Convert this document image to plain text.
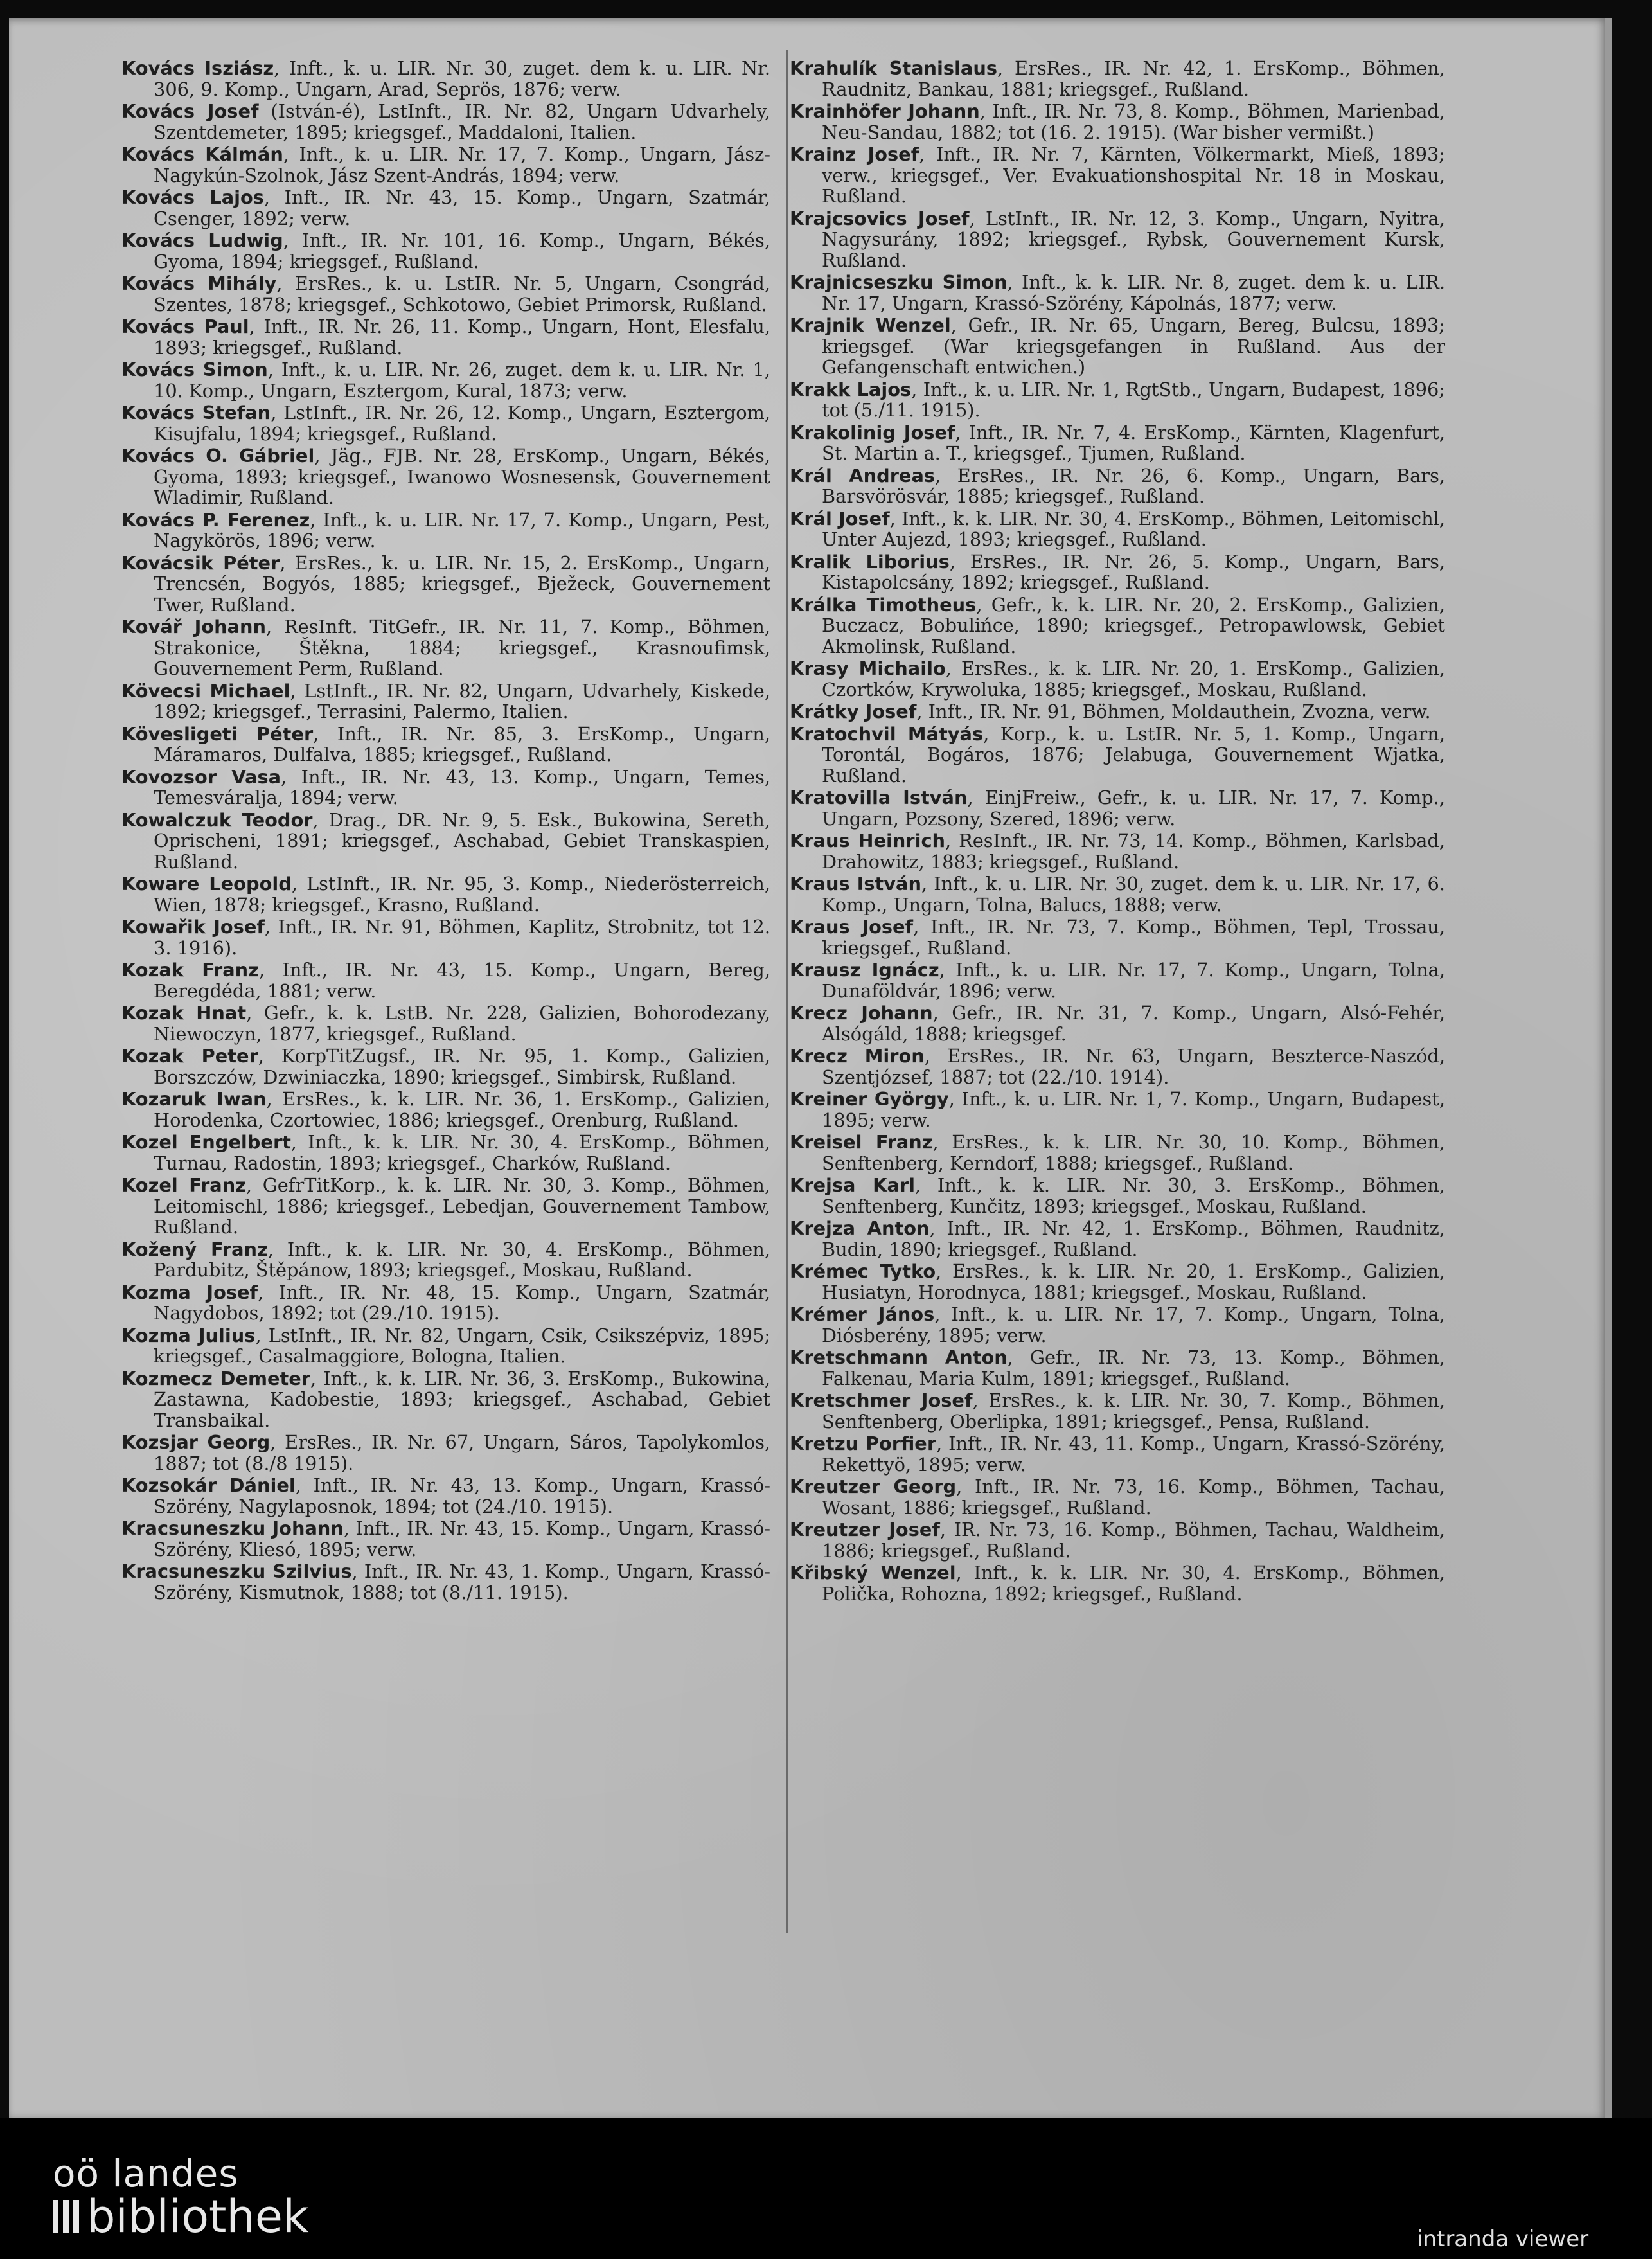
Kovács Isziász, Inft., k. u. LIR. Nr. 30, zuget. dem k. u. LIR. Nr. 306, 9. Komp., Ungarn, Arad, Seprös, 1876; verw.
Kovács Josef (István-é), LstInft., IR. Nr. 82, Ungarn Udvarhely, Szentdemeter, 1895; kriegsgef., Maddaloni, Italien.
Kovács Kálmán, Inft., k. u. LIR. Nr. 17, 7. Komp., Ungarn, Jász-Nagykún-Szolnok, Jász Szent-András, 1894; verw.
Kovács Lajos, Inft., IR. Nr. 43, 15. Komp., Ungarn, Szatmár, Csenger, 1892; verw.
Kovács Ludwig, Inft., IR. Nr. 101, 16. Komp., Ungarn, Békés, Gyoma, 1894; kriegsgef., Rußland.
Kovács Mihály, ErsRes., k. u. LstIR. Nr. 5, Ungarn, Csongrád, Szentes, 1878; kriegsgef., Schkotowo, Gebiet Primorsk, Rußland.
Kovács Paul, Inft., IR. Nr. 26, 11. Komp., Ungarn, Hont, Elesfalu, 1893; kriegsgef., Rußland.
Kovács Simon, Inft., k. u. LIR. Nr. 26, zuget. dem k. u. LIR. Nr. 1, 10. Komp., Ungarn, Esztergom, Kural, 1873; verw.
Kovács Stefan, LstInft., IR. Nr. 26, 12. Komp., Ungarn, Esztergom, Kisujfalu, 1894; kriegsgef., Rußland.
Kovács O. Gábriel, Jäg., FJB. Nr. 28, ErsKomp., Ungarn, Békés, Gyoma, 1893; kriegsgef., Iwanowo Wosnesensk, Gouvernement Wladimir, Rußland.
Kovács P. Ferenez, Inft., k. u. LIR. Nr. 17, 7. Komp., Ungarn, Pest, Nagykörös, 1896; verw.
Kovácsik Péter, ErsRes., k. u. LIR. Nr. 15, 2. ErsKomp., Ungarn, Trencsén, Bogyós, 1885; kriegsgef., Bježeck, Gouvernement Twer, Rußland.
Kovář Johann, ResInft. TitGefr., IR. Nr. 11, 7. Komp., Böhmen, Strakonice, Štěkna, 1884; kriegsgef., Krasnoufimsk, Gouvernement Perm, Rußland.
Kövecsi Michael, LstInft., IR. Nr. 82, Ungarn, Udvarhely, Kiskede, 1892; kriegsgef., Terrasini, Palermo, Italien.
Kövesligeti Péter, Inft., IR. Nr. 85, 3. ErsKomp., Ungarn, Máramaros, Dulfalva, 1885; kriegsgef., Rußland.
Kovozsor Vasa, Inft., IR. Nr. 43, 13. Komp., Ungarn, Temes, Temesváralja, 1894; verw.
Kowalczuk Teodor, Drag., DR. Nr. 9, 5. Esk., Bukowina, Sereth, Oprischeni, 1891; kriegsgef., Aschabad, Gebiet Transkaspien, Rußland.
Koware Leopold, LstInft., IR. Nr. 95, 3. Komp., Niederösterreich, Wien, 1878; kriegsgef., Krasno, Rußland.
Kowařik Josef, Inft., IR. Nr. 91, Böhmen, Kaplitz, Strobnitz, tot 12. 3. 1916).
Kozak Franz, Inft., IR. Nr. 43, 15. Komp., Ungarn, Bereg, Beregdéda, 1881; verw.
Kozak Hnat, Gefr., k. k. LstB. Nr. 228, Galizien, Bohorodezany, Niewoczyn, 1877, kriegsgef., Rußland.
Kozak Peter, KorpTitZugsf., IR. Nr. 95, 1. Komp., Galizien, Borszczów, Dzwiniaczka, 1890; kriegsgef., Simbirsk, Rußland.
Kozaruk Iwan, ErsRes., k. k. LIR. Nr. 36, 1. ErsKomp., Galizien, Horodenka, Czortowiec, 1886; kriegsgef., Orenburg, Rußland.
Kozel Engelbert, Inft., k. k. LIR. Nr. 30, 4. ErsKomp., Böhmen, Turnau, Radostin, 1893; kriegsgef., Charków, Rußland.
Kozel Franz, GefrTitKorp., k. k. LIR. Nr. 30, 3. Komp., Böhmen, Leitomischl, 1886; kriegsgef., Lebedjan, Gouvernement Tambow, Rußland.
Kožený Franz, Inft., k. k. LIR. Nr. 30, 4. ErsKomp., Böhmen, Pardubitz, Štěpánow, 1893; kriegsgef., Moskau, Rußland.
Kozma Josef, Inft., IR. Nr. 48, 15. Komp., Ungarn, Szatmár, Nagydobos, 1892; tot (29./10. 1915).
Kozma Julius, LstInft., IR. Nr. 82, Ungarn, Csik, Csikszépviz, 1895; kriegsgef., Casalmaggiore, Bologna, Italien.
Kozmecz Demeter, Inft., k. k. LIR. Nr. 36, 3. ErsKomp., Bukowina, Zastawna, Kadobestie, 1893; kriegsgef., Aschabad, Gebiet Transbaikal.
Kozsjar Georg, ErsRes., IR. Nr. 67, Ungarn, Sáros, Tapolykomlos, 1887; tot (8./8 1915).
Kozsokár Dániel, Inft., IR. Nr. 43, 13. Komp., Ungarn, Krassó-Szörény, Nagylaposnok, 1894; tot (24./10. 1915).
Kracsuneszku Johann, Inft., IR. Nr. 43, 15. Komp., Ungarn, Krassó-Szörény, Kliesó, 1895; verw.
Kracsuneszku Szilvius, Inft., IR. Nr. 43, 1. Komp., Ungarn, Krassó-Szörény, Kismutnok, 1888; tot (8./11. 1915).
Krahulík Stanislaus, ErsRes., IR. Nr. 42, 1. ErsKomp., Böhmen, Raudnitz, Bankau, 1881; kriegsgef., Rußland.
Krainhöfer Johann, Inft., IR. Nr. 73, 8. Komp., Böhmen, Marienbad, Neu-Sandau, 1882; tot (16. 2. 1915). (War bisher vermißt.)
Krainz Josef, Inft., IR. Nr. 7, Kärnten, Völkermarkt, Mieß, 1893; verw., kriegsgef., Ver. Evakuationshospital Nr. 18 in Moskau, Rußland.
Krajcsovics Josef, LstInft., IR. Nr. 12, 3. Komp., Ungarn, Nyitra, Nagysurány, 1892; kriegsgef., Rybsk, Gouvernement Kursk, Rußland.
Krajnicseszku Simon, Inft., k. k. LIR. Nr. 8, zuget. dem k. u. LIR. Nr. 17, Ungarn, Krassó-Szörény, Kápolnás, 1877; verw.
Krajnik Wenzel, Gefr., IR. Nr. 65, Ungarn, Bereg, Bulcsu, 1893; kriegsgef. (War kriegsgefangen in Rußland. Aus der Gefangenschaft entwichen.)
Krakk Lajos, Inft., k. u. LIR. Nr. 1, RgtStb., Ungarn, Budapest, 1896; tot (5./11. 1915).
Krakolinig Josef, Inft., IR. Nr. 7, 4. ErsKomp., Kärnten, Klagenfurt, St. Martin a. T., kriegsgef., Tjumen, Rußland.
Král Andreas, ErsRes., IR. Nr. 26, 6. Komp., Ungarn, Bars, Barsvörösvár, 1885; kriegsgef., Rußland.
Král Josef, Inft., k. k. LIR. Nr. 30, 4. ErsKomp., Böhmen, Leitomischl, Unter Aujezd, 1893; kriegsgef., Rußland.
Kralik Liborius, ErsRes., IR. Nr. 26, 5. Komp., Ungarn, Bars, Kistapolcsány, 1892; kriegsgef., Rußland.
Králka Timotheus, Gefr., k. k. LIR. Nr. 20, 2. ErsKomp., Galizien, Buczacz, Bobulińce, 1890; kriegsgef., Petropawlowsk, Gebiet Akmolinsk, Rußland.
Krasy Michailo, ErsRes., k. k. LIR. Nr. 20, 1. ErsKomp., Galizien, Czortków, Krywoluka, 1885; kriegsgef., Moskau, Rußland.
Krátky Josef, Inft., IR. Nr. 91, Böhmen, Moldauthein, Zvozna, verw.
Kratochvil Mátyás, Korp., k. u. LstIR. Nr. 5, 1. Komp., Ungarn, Torontál, Bogáros, 1876; Jelabuga, Gouvernement Wjatka, Rußland.
Kratovilla István, EinjFreiw., Gefr., k. u. LIR. Nr. 17, 7. Komp., Ungarn, Pozsony, Szered, 1896; verw.
Kraus Heinrich, ResInft., IR. Nr. 73, 14. Komp., Böhmen, Karlsbad, Drahowitz, 1883; kriegsgef., Rußland.
Kraus István, Inft., k. u. LIR. Nr. 30, zuget. dem k. u. LIR. Nr. 17, 6. Komp., Ungarn, Tolna, Balucs, 1888; verw.
Kraus Josef, Inft., IR. Nr. 73, 7. Komp., Böhmen, Tepl, Trossau, kriegsgef., Rußland.
Krausz Ignácz, Inft., k. u. LIR. Nr. 17, 7. Komp., Ungarn, Tolna, Dunaföldvár, 1896; verw.
Krecz Johann, Gefr., IR. Nr. 31, 7. Komp., Ungarn, Alsó-Fehér, Alsógáld, 1888; kriegsgef.
Krecz Miron, ErsRes., IR. Nr. 63, Ungarn, Beszterce-Naszód, Szentjózsef, 1887; tot (22./10. 1914).
Kreiner György, Inft., k. u. LIR. Nr. 1, 7. Komp., Ungarn, Budapest, 1895; verw.
Kreisel Franz, ErsRes., k. k. LIR. Nr. 30, 10. Komp., Böhmen, Senftenberg, Kerndorf, 1888; kriegsgef., Rußland.
Krejsa Karl, Inft., k. k. LIR. Nr. 30, 3. ErsKomp., Böhmen, Senftenberg, Kunčitz, 1893; kriegsgef., Moskau, Rußland.
Krejza Anton, Inft., IR. Nr. 42, 1. ErsKomp., Böhmen, Raudnitz, Budin, 1890; kriegsgef., Rußland.
Krémec Tytko, ErsRes., k. k. LIR. Nr. 20, 1. ErsKomp., Galizien, Husiatyn, Horodnyca, 1881; kriegsgef., Moskau, Rußland.
Krémer János, Inft., k. u. LIR. Nr. 17, 7. Komp., Ungarn, Tolna, Diósberény, 1895; verw.
Kretschmann Anton, Gefr., IR. Nr. 73, 13. Komp., Böhmen, Falkenau, Maria Kulm, 1891; kriegsgef., Rußland.
Kretschmer Josef, ErsRes., k. k. LIR. Nr. 30, 7. Komp., Böhmen, Senftenberg, Oberlipka, 1891; kriegsgef., Pensa, Rußland.
Kretzu Porfier, Inft., IR. Nr. 43, 11. Komp., Ungarn, Krassó-Szörény, Rekettyö, 1895; verw.
Kreutzer Georg, Inft., IR. Nr. 73, 16. Komp., Böhmen, Tachau, Wosant, 1886; kriegsgef., Rußland.
Kreutzer Josef, IR. Nr. 73, 16. Komp., Böhmen, Tachau, Waldheim, 1886; kriegsgef., Rußland.
Křibský Wenzel, Inft., k. k. LIR. Nr. 30, 4. ErsKomp., Böhmen, Polička, Rohozna, 1892; kriegsgef., Rußland.
oö landes
bibliothek	intranda viewer
